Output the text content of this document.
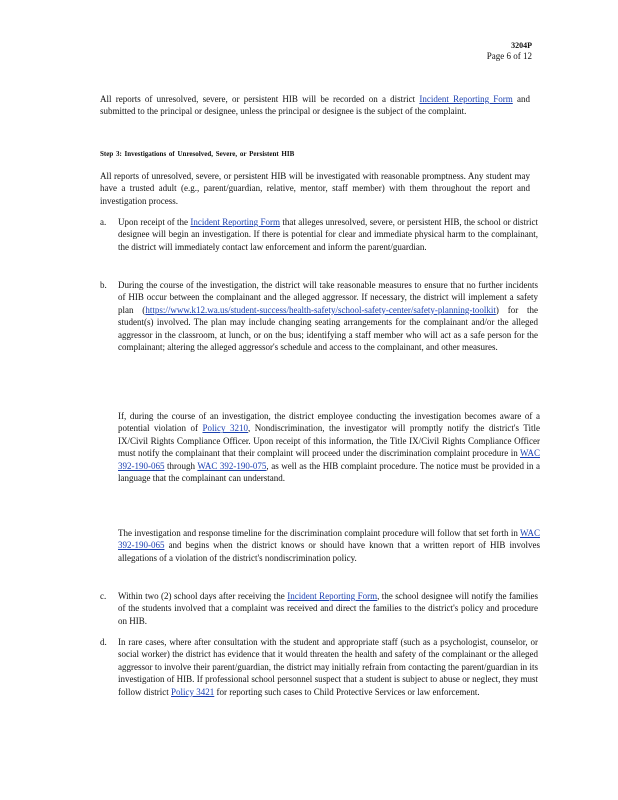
3204P
Page 6 of 12
All reports of unresolved, severe, or persistent HIB will be recorded on a district Incident Reporting Form and submitted to the principal or designee, unless the principal or designee is the subject of the complaint.
Step 3: Investigations of Unresolved, Severe, or Persistent HIB
All reports of unresolved, severe, or persistent HIB will be investigated with reasonable promptness. Any student may have a trusted adult (e.g., parent/guardian, relative, mentor, staff member) with them throughout the report and investigation process.
a.	Upon receipt of the Incident Reporting Form that alleges unresolved, severe, or persistent HIB, the school or district designee will begin an investigation. If there is potential for clear and immediate physical harm to the complainant, the district will immediately contact law enforcement and inform the parent/guardian.
b.	During the course of the investigation, the district will take reasonable measures to ensure that no further incidents of HIB occur between the complainant and the alleged aggressor. If necessary, the district will implement a safety plan (https://www.k12.wa.us/student-success/health-safety/school-safety-center/safety-planning-toolkit) for the student(s) involved. The plan may include changing seating arrangements for the complainant and/or the alleged aggressor in the classroom, at lunch, or on the bus; identifying a staff member who will act as a safe person for the complainant; altering the alleged aggressor's schedule and access to the complainant, and other measures.
If, during the course of an investigation, the district employee conducting the investigation becomes aware of a potential violation of Policy 3210, Nondiscrimination, the investigator will promptly notify the district's Title IX/Civil Rights Compliance Officer. Upon receipt of this information, the Title IX/Civil Rights Compliance Officer must notify the complainant that their complaint will proceed under the discrimination complaint procedure in WAC 392-190-065 through WAC 392-190-075, as well as the HIB complaint procedure. The notice must be provided in a language that the complainant can understand.
The investigation and response timeline for the discrimination complaint procedure will follow that set forth in WAC 392-190-065 and begins when the district knows or should have known that a written report of HIB involves allegations of a violation of the district's nondiscrimination policy.
c.	Within two (2) school days after receiving the Incident Reporting Form, the school designee will notify the families of the students involved that a complaint was received and direct the families to the district's policy and procedure on HIB.
d.	In rare cases, where after consultation with the student and appropriate staff (such as a psychologist, counselor, or social worker) the district has evidence that it would threaten the health and safety of the complainant or the alleged aggressor to involve their parent/guardian, the district may initially refrain from contacting the parent/guardian in its investigation of HIB. If professional school personnel suspect that a student is subject to abuse or neglect, they must follow district Policy 3421 for reporting such cases to Child Protective Services or law enforcement.
